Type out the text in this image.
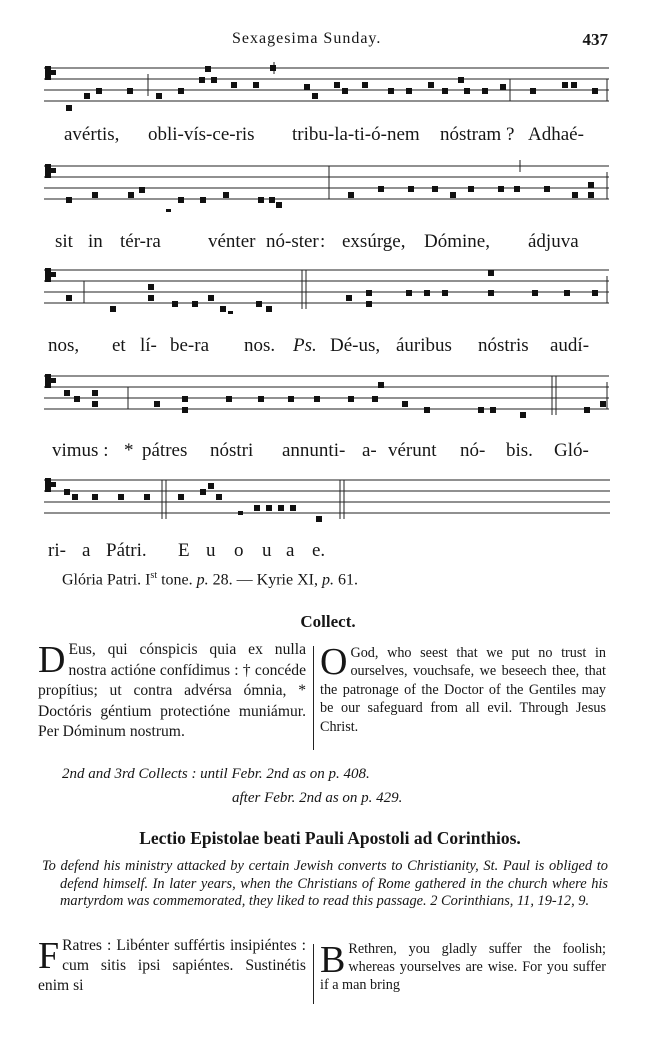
Sexagesima Sunday.	437
avértis, obli-vís-ce-ris tribu-la-ti-ó-nem nóstram ? Adhaé-
sit in tér-ra vénter nó-ster : exsúrge, Dómine, ádjuva
nos, et lí- be-ra nos. Ps. Dé-us, áuribus nóstris audí-
vimus : * pátres nóstri annunti- a- vérunt nó- bis. Gló-
ri- a Pátri. E u o u a e.
Glória Patri. Ist tone. p. 28. — Kyrie XI, p. 61.
Collect.
D Eus, qui cónspicis quia ex nulla nostra actióne confídimus : † concéde propítius; ut contra advérsa ómnia, * Doctóris géntium protectióne muniámur. Per Dóminum nostrum.

O God, who seest that we put no trust in ourselves, vouchsafe, we beseech thee, that the patronage of the Doctor of the Gentiles may be our safeguard from all evil. Through Jesus Christ.

2nd and 3rd Collects : until Febr. 2nd as on p. 408.
after Febr. 2nd as on p. 429.
Lectio Epistolae beati Pauli Apostoli ad Corinthios.

To defend his ministry attacked by certain Jewish converts to Christianity, St. Paul is obliged to defend himself. In later years, when the Christians of Rome gathered in the church where his martyrdom was commemorated, they liked to read this passage. 2 Corinthians, 11, 19-12, 9.

F Ratres : Libénter suffértis insipiéntes : cum sitis ipsi sapiéntes. Sustinétis enim si

B Rethren, you gladly suffer the foolish; whereas yourselves are wise. For you suffer if a man bring
